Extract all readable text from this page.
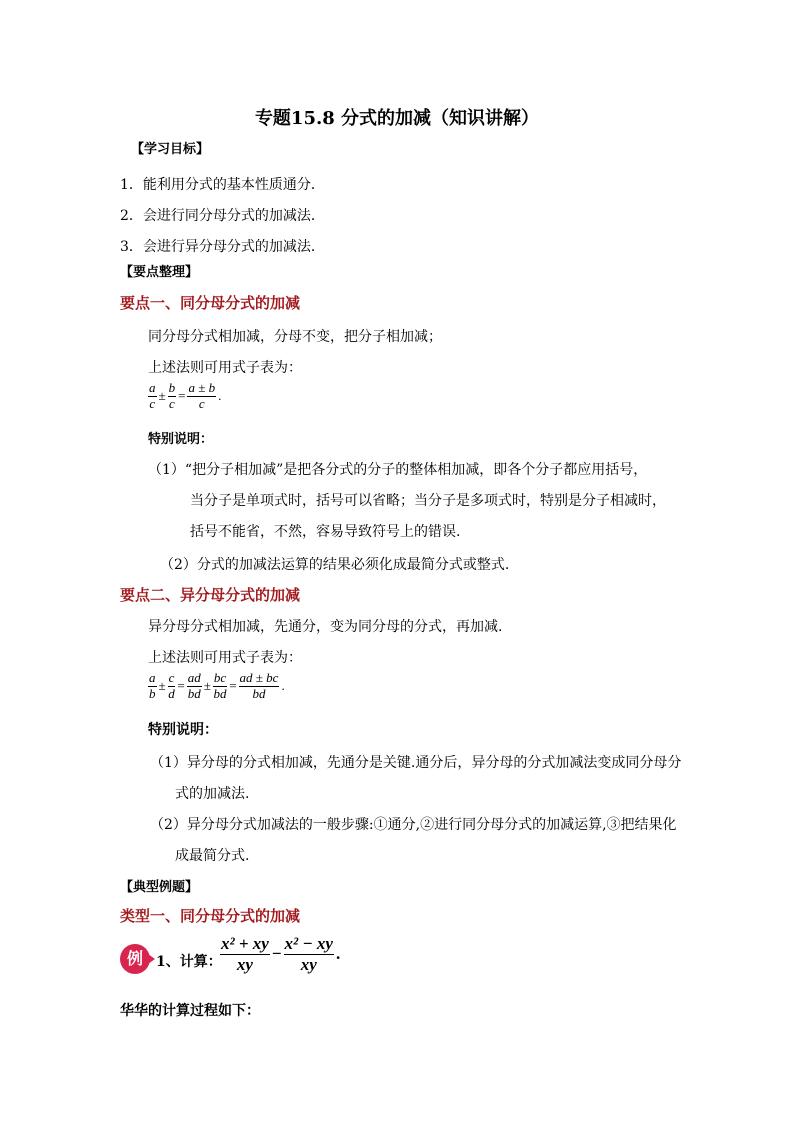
专题15.8 分式的加减（知识讲解）
【学习目标】
1．能利用分式的基本性质通分．
2．会进行同分母分式的加减法．
3．会进行异分母分式的加减法．
【要点整理】
要点一、同分母分式的加减
同分母分式相加减，分母不变，把分子相加减；
上述法则可用式子表为：
$\frac{a}{c} \pm \frac{b}{c} = \frac{a \pm b}{c}$ .
特别说明：
（1）“把分子相加减”是把各分式的分子的整体相加减，即各个分子都应用括号，
当分子是单项式时，括号可以省略；当分子是多项式时，特别是分子相减时，
括号不能省，不然，容易导致符号上的错误.
（2）分式的加减法运算的结果必须化成最简分式或整式.
要点二、异分母分式的加减
异分母分式相加减，先通分，变为同分母的分式，再加减.
上述法则可用式子表为：
$\frac{a}{b} \pm \frac{c}{d} = \frac{ad}{bd} \pm \frac{bc}{bd} = \frac{ad \pm bc}{bd}$ .
特别说明：
（1）异分母的分式相加减，先通分是关键.通分后，异分母的分式加减法变成同分母分
式的加减法.
（2）异分母分式加减法的一般步骤:①通分,②进行同分母分式的加减运算,③把结果化
成最简分式.
【典型例题】
类型一、同分母分式的加减
例 1、计算：
$\frac{\text{x² + xy}}{xy} - \frac{\text{x² − xy}}{xy}$ .
华华的计算过程如下：
